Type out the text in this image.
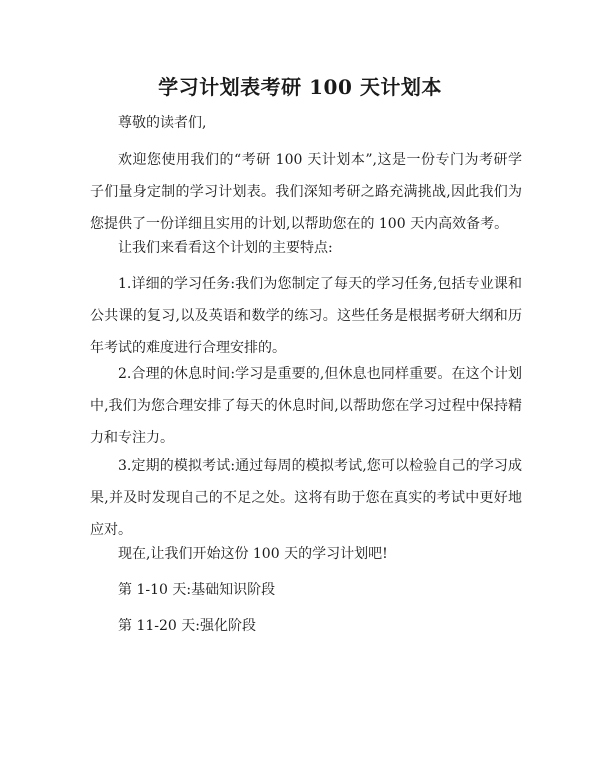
学习计划表考研 100 天计划本

尊敬的读者们,

欢迎您使用我们的“考研 100 天计划本”,这是一份专门为考研学子们量身定制的学习计划表。我们深知考研之路充满挑战,因此我们为您提供了一份详细且实用的计划,以帮助您在的 100 天内高效备考。

让我们来看看这个计划的主要特点:

1.详细的学习任务:我们为您制定了每天的学习任务,包括专业课和公共课的复习,以及英语和数学的练习。这些任务是根据考研大纲和历年考试的难度进行合理安排的。

2.合理的休息时间:学习是重要的,但休息也同样重要。在这个计划中,我们为您合理安排了每天的休息时间,以帮助您在学习过程中保持精力和专注力。

3.定期的模拟考试:通过每周的模拟考试,您可以检验自己的学习成果,并及时发现自己的不足之处。这将有助于您在真实的考试中更好地应对。

现在,让我们开始这份 100 天的学习计划吧!

第 1-10 天:基础知识阶段

第 11-20 天:强化阶段
